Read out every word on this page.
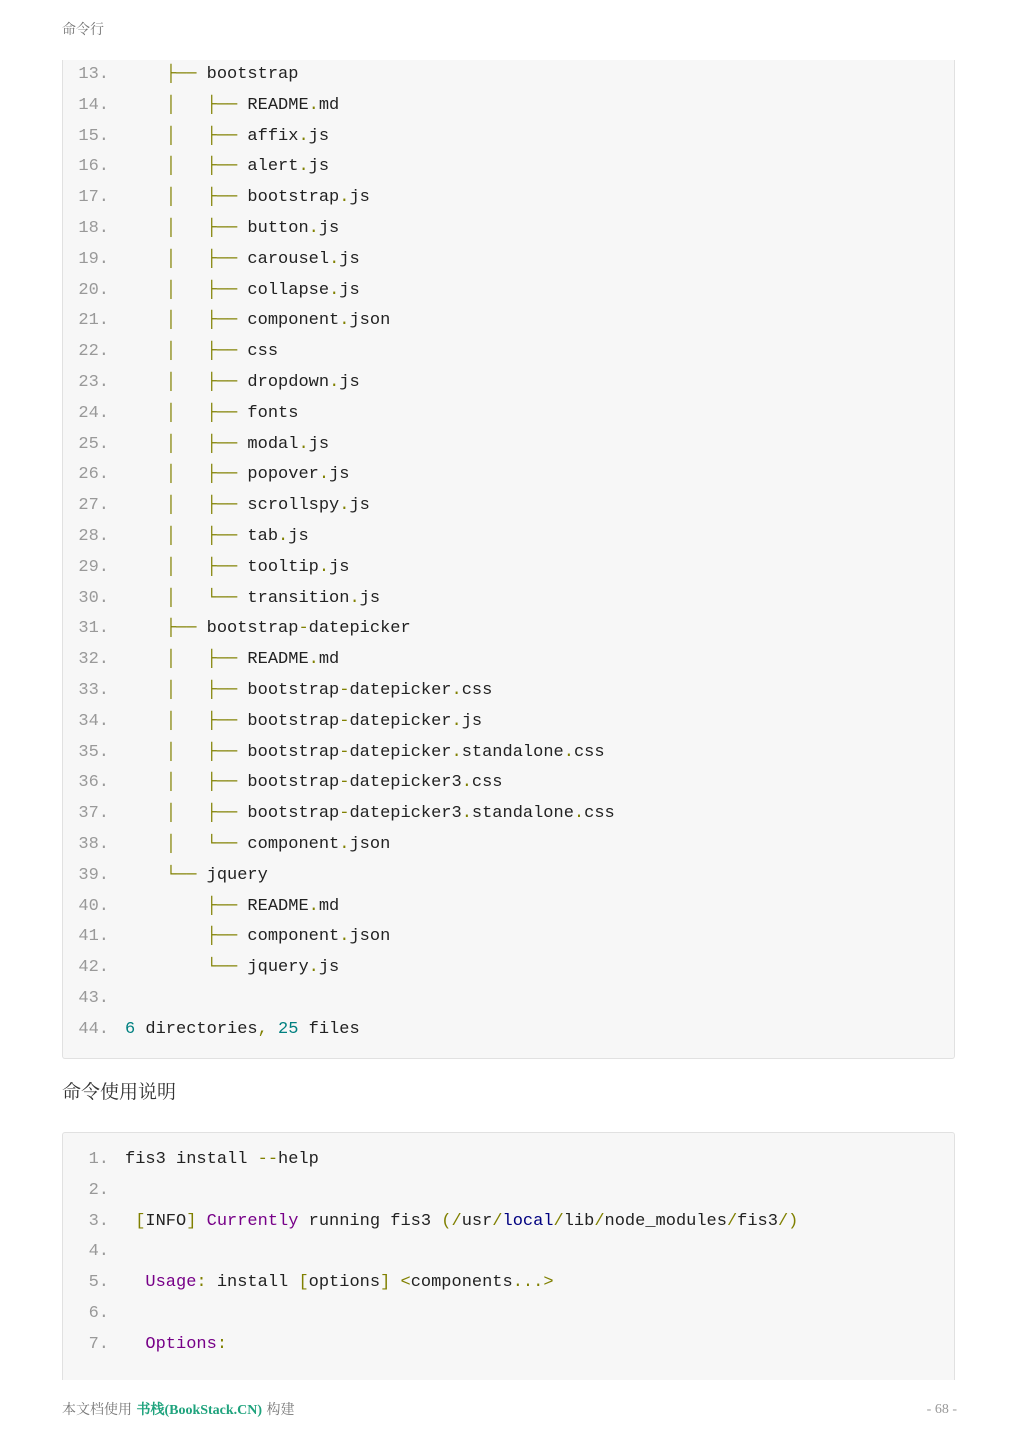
命令行
13.	├── bootstrap
14.	│ ├── README.md
15.	│ ├── affix.js
16.	│ ├── alert.js
17.	│ ├── bootstrap.js
18.	│ ├── button.js
19.	│ ├── carousel.js
20.	│ ├── collapse.js
21.	│ ├── component.json
22.	│ ├── css
23.	│ ├── dropdown.js
24.	│ ├── fonts
25.	│ ├── modal.js
26.	│ ├── popover.js
27.	│ ├── scrollspy.js
28.	│ ├── tab.js
29.	│ ├── tooltip.js
30.	│ └── transition.js
31.	├── bootstrap-datepicker
32.	│ ├── README.md
33.	│ ├── bootstrap-datepicker.css
34.	│ ├── bootstrap-datepicker.js
35.	│ ├── bootstrap-datepicker.standalone.css
36.	│ ├── bootstrap-datepicker3.css
37.	│ ├── bootstrap-datepicker3.standalone.css
38.	│ └── component.json
39.	└── jquery
40.	├── README.md
41.	├── component.json
42.	└── jquery.js
43.
44. 6 directories, 25 files
命令使用说明
1. fis3 install --help
2.
3.	[INFO] Currently running fis3 (/usr/local/lib/node_modules/fis3/)
4.
5.	Usage: install [options] <components...>
6.
7.	Options:
本文档使用 书栈(BookStack.CN) 构建	- 68 -
